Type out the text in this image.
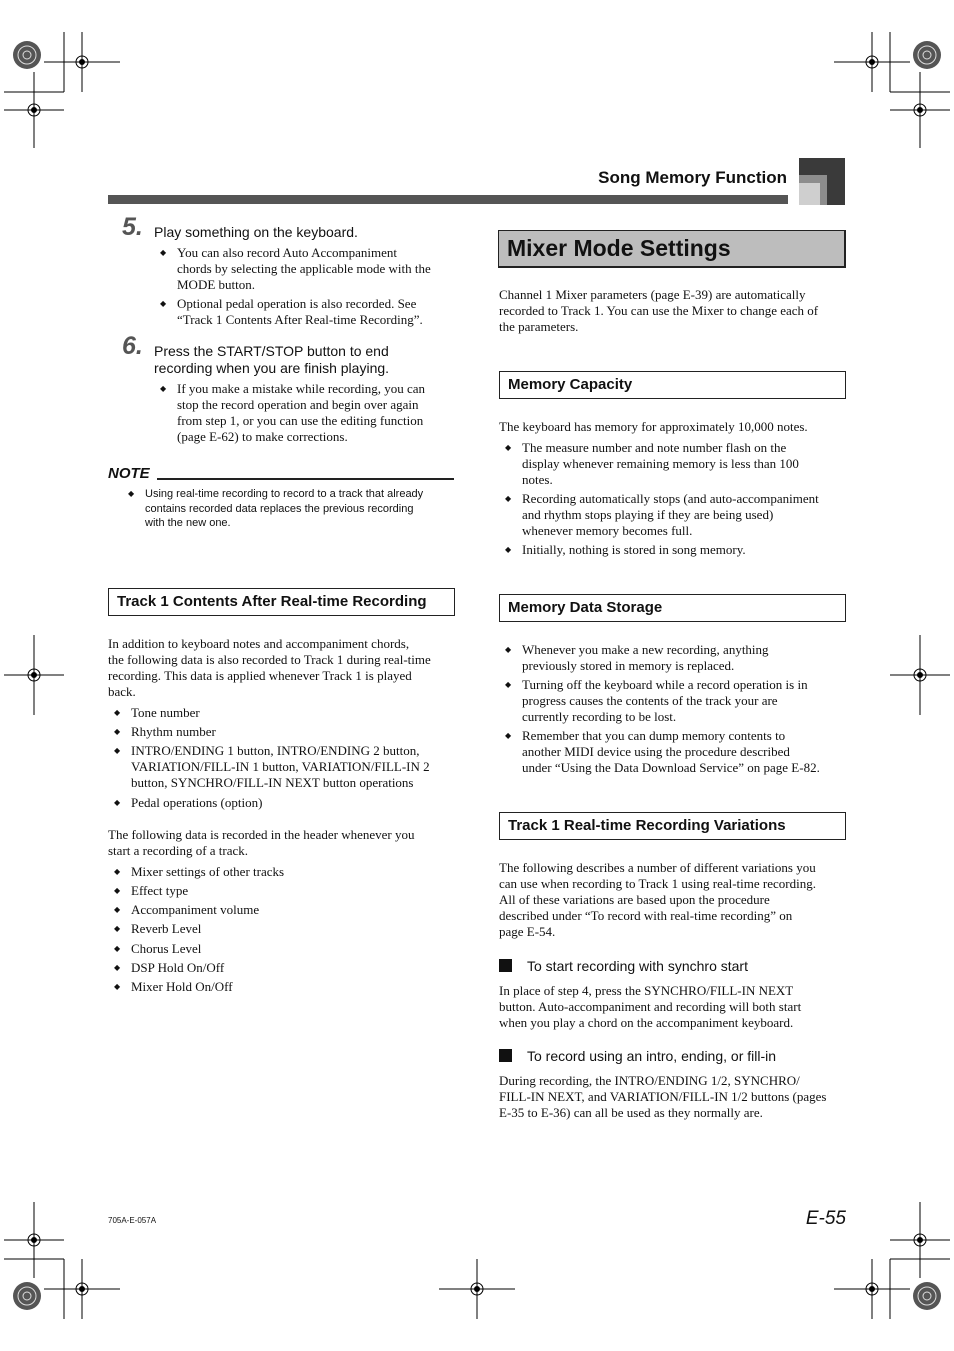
Song Memory Function
5. Play something on the keyboard.
◆ You can also record Auto Accompaniment
chords by selecting the applicable mode with the
MODE button.
◆ Optional pedal operation is also recorded. See
“Track 1 Contents After Real-time Recording”.
6. Press the START/STOP button to end
recording when you are finish playing.
◆ If you make a mistake while recording, you can
stop the record operation and begin over again
from step 1, or you can use the editing function
(page E-62) to make corrections.
NOTE
◆ Using real-time recording to record to a track that already
contains recorded data replaces the previous recording
with the new one.
Track 1 Contents After Real-time Recording
In addition to keyboard notes and accompaniment chords,
the following data is also recorded to Track 1 during real-time
recording. This data is applied whenever Track 1 is played
back.
◆ Tone number
◆ Rhythm number
◆ INTRO/ENDING 1 button, INTRO/ENDING 2 button,
VARIATION/FILL-IN 1 button, VARIATION/FILL-IN 2
button, SYNCHRO/FILL-IN NEXT button operations
◆ Pedal operations (option)
The following data is recorded in the header whenever you
start a recording of a track.
◆ Mixer settings of other tracks
◆ Effect type
◆ Accompaniment volume
◆ Reverb Level
◆ Chorus Level
◆ DSP Hold On/Off
◆ Mixer Hold On/Off
Mixer Mode Settings
Channel 1 Mixer parameters (page E-39) are automatically
recorded to Track 1. You can use the Mixer to change each of
the parameters.
Memory Capacity
The keyboard has memory for approximately 10,000 notes.
◆ The measure number and note number flash on the
display whenever remaining memory is less than 100
notes.
◆ Recording automatically stops (and auto-accompaniment
and rhythm stops playing if they are being used)
whenever memory becomes full.
◆ Initially, nothing is stored in song memory.
Memory Data Storage
◆ Whenever you make a new recording, anything
previously stored in memory is replaced.
◆ Turning off the keyboard while a record operation is in
progress causes the contents of the track your are
currently recording to be lost.
◆ Remember that you can dump memory contents to
another MIDI device using the procedure described
under “Using the Data Download Service” on page E-82.
Track 1 Real-time Recording Variations
The following describes a number of different variations you
can use when recording to Track 1 using real-time recording.
All of these variations are based upon the procedure
described under “To record with real-time recording” on
page E-54.
To start recording with synchro start
In place of step 4, press the SYNCHRO/FILL-IN NEXT
button. Auto-accompaniment and recording will both start
when you play a chord on the accompaniment keyboard.
To record using an intro, ending, or fill-in
During recording, the INTRO/ENDING 1/2, SYNCHRO/
FILL-IN NEXT, and VARIATION/FILL-IN 1/2 buttons (pages
E-35 to E-36) can all be used as they normally are.
705A-E-057A	E-55
